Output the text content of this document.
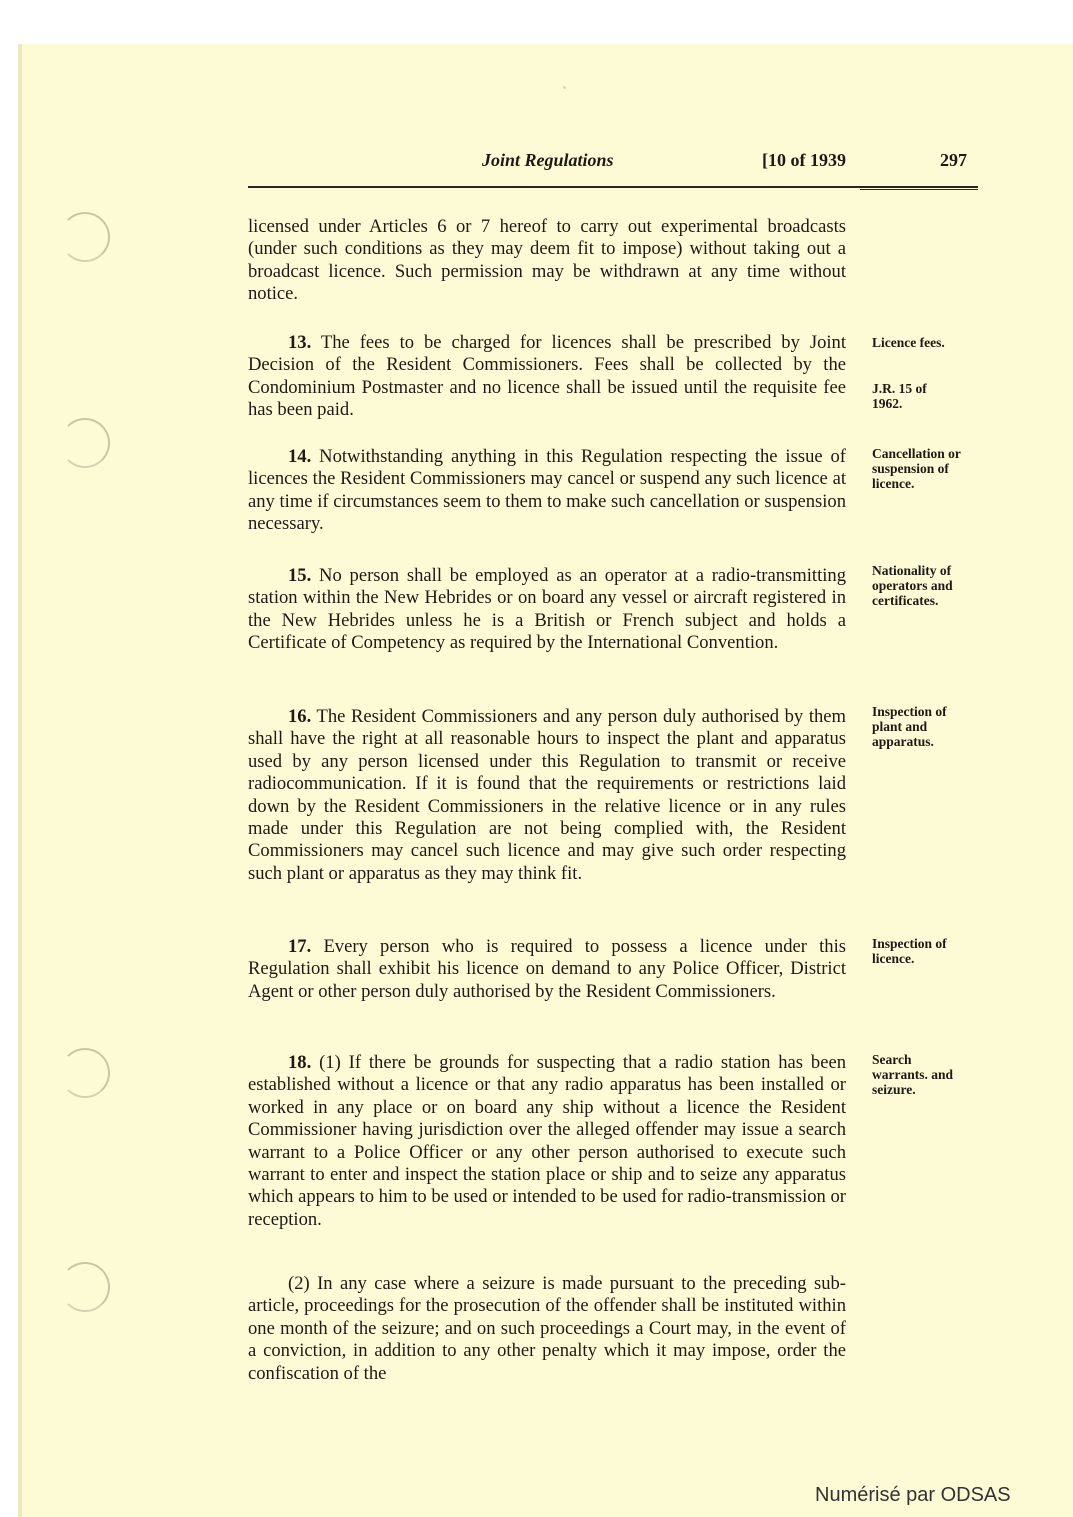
Joint Regulations	[10 of 1939	297
licensed under Articles 6 or 7 hereof to carry out experimental broadcasts (under such conditions as they may deem fit to impose) without taking out a broadcast licence. Such permission may be withdrawn at any time without notice.
13. The fees to be charged for licences shall be prescribed by Joint Decision of the Resident Commissioners. Fees shall be collected by the Condominium Postmaster and no licence shall be issued until the requisite fee has been paid.
Licence fees.
J.R. 15 of 1962.
14. Notwithstanding anything in this Regulation respecting the issue of licences the Resident Commissioners may cancel or suspend any such licence at any time if circumstances seem to them to make such cancellation or suspension necessary.
Cancellation or suspension of licence.
15. No person shall be employed as an operator at a radio-transmitting station within the New Hebrides or on board any vessel or aircraft registered in the New Hebrides unless he is a British or French subject and holds a Certificate of Competency as required by the International Convention.
Nationality of operators and certificates.
16. The Resident Commissioners and any person duly authorised by them shall have the right at all reasonable hours to inspect the plant and apparatus used by any person licensed under this Regulation to transmit or receive radiocommunication. If it is found that the requirements or restrictions laid down by the Resident Commissioners in the relative licence or in any rules made under this Regulation are not being complied with, the Resident Commissioners may cancel such licence and may give such order respecting such plant or apparatus as they may think fit.
Inspection of plant and apparatus.
17. Every person who is required to possess a licence under this Regulation shall exhibit his licence on demand to any Police Officer, District Agent or other person duly authorised by the Resident Commissioners.
Inspection of licence.
18. (1) If there be grounds for suspecting that a radio station has been established without a licence or that any radio apparatus has been installed or worked in any place or on board any ship without a licence the Resident Commissioner having jurisdiction over the alleged offender may issue a search warrant to a Police Officer or any other person authorised to execute such warrant to enter and inspect the station place or ship and to seize any apparatus which appears to him to be used or intended to be used for radio-transmission or reception.
Search warrants. and seizure.
(2) In any case where a seizure is made pursuant to the preceding sub-article, proceedings for the prosecution of the offender shall be instituted within one month of the seizure; and on such proceedings a Court may, in the event of a conviction, in addition to any other penalty which it may impose, order the confiscation of the
Numérisé par ODSAS
